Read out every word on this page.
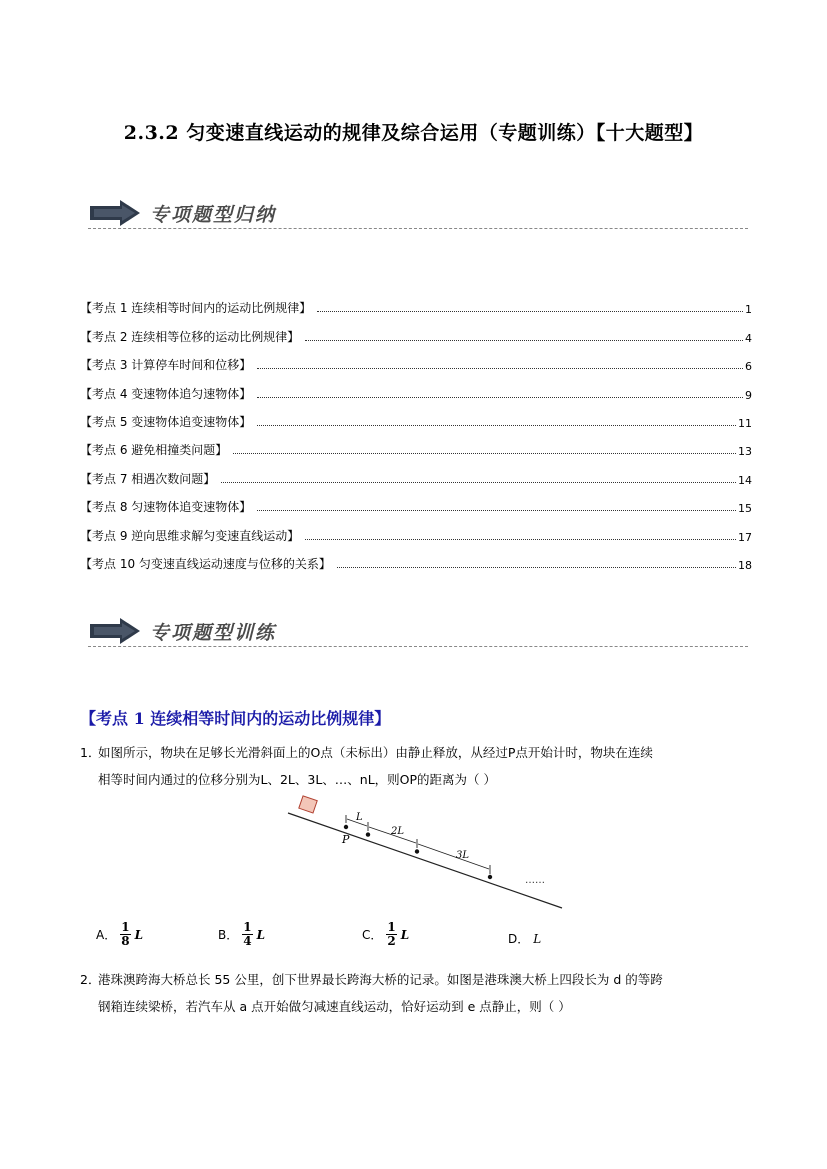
2.3.2 匀变速直线运动的规律及综合运用（专题训练）【十大题型】
专项题型归纳
【考点 1 连续相等时间内的运动比例规律】	1
【考点 2 连续相等位移的运动比例规律】	4
【考点 3 计算停车时间和位移】	6
【考点 4 变速物体追匀速物体】	9
【考点 5 变速物体追变速物体】	11
【考点 6 避免相撞类问题】	13
【考点 7 相遇次数问题】	14
【考点 8 匀速物体追变速物体】	15
【考点 9 逆向思维求解匀变速直线运动】	17
【考点 10 匀变速直线运动速度与位移的关系】	18
专项题型训练
【考点 1 连续相等时间内的运动比例规律】
1．如图所示，物块在足够长光滑斜面上的O点（未标出）由静止释放，从经过P点开始计时，物块在连续
相等时间内通过的位移分别为L、2L、3L、…、nL，则OP的距离为（ ）
P
L
2L
3L
……
A． $\frac{1}{8}$ L	B． $\frac{1}{4}$ L	C． $\frac{1}{2}$ L	D． L
2．港珠澳跨海大桥总长 55 公里，创下世界最长跨海大桥的记录。如图是港珠澳大桥上四段长为 d 的等跨
钢箱连续梁桥，若汽车从 a 点开始做匀减速直线运动，恰好运动到 e 点静止，则（ ）
